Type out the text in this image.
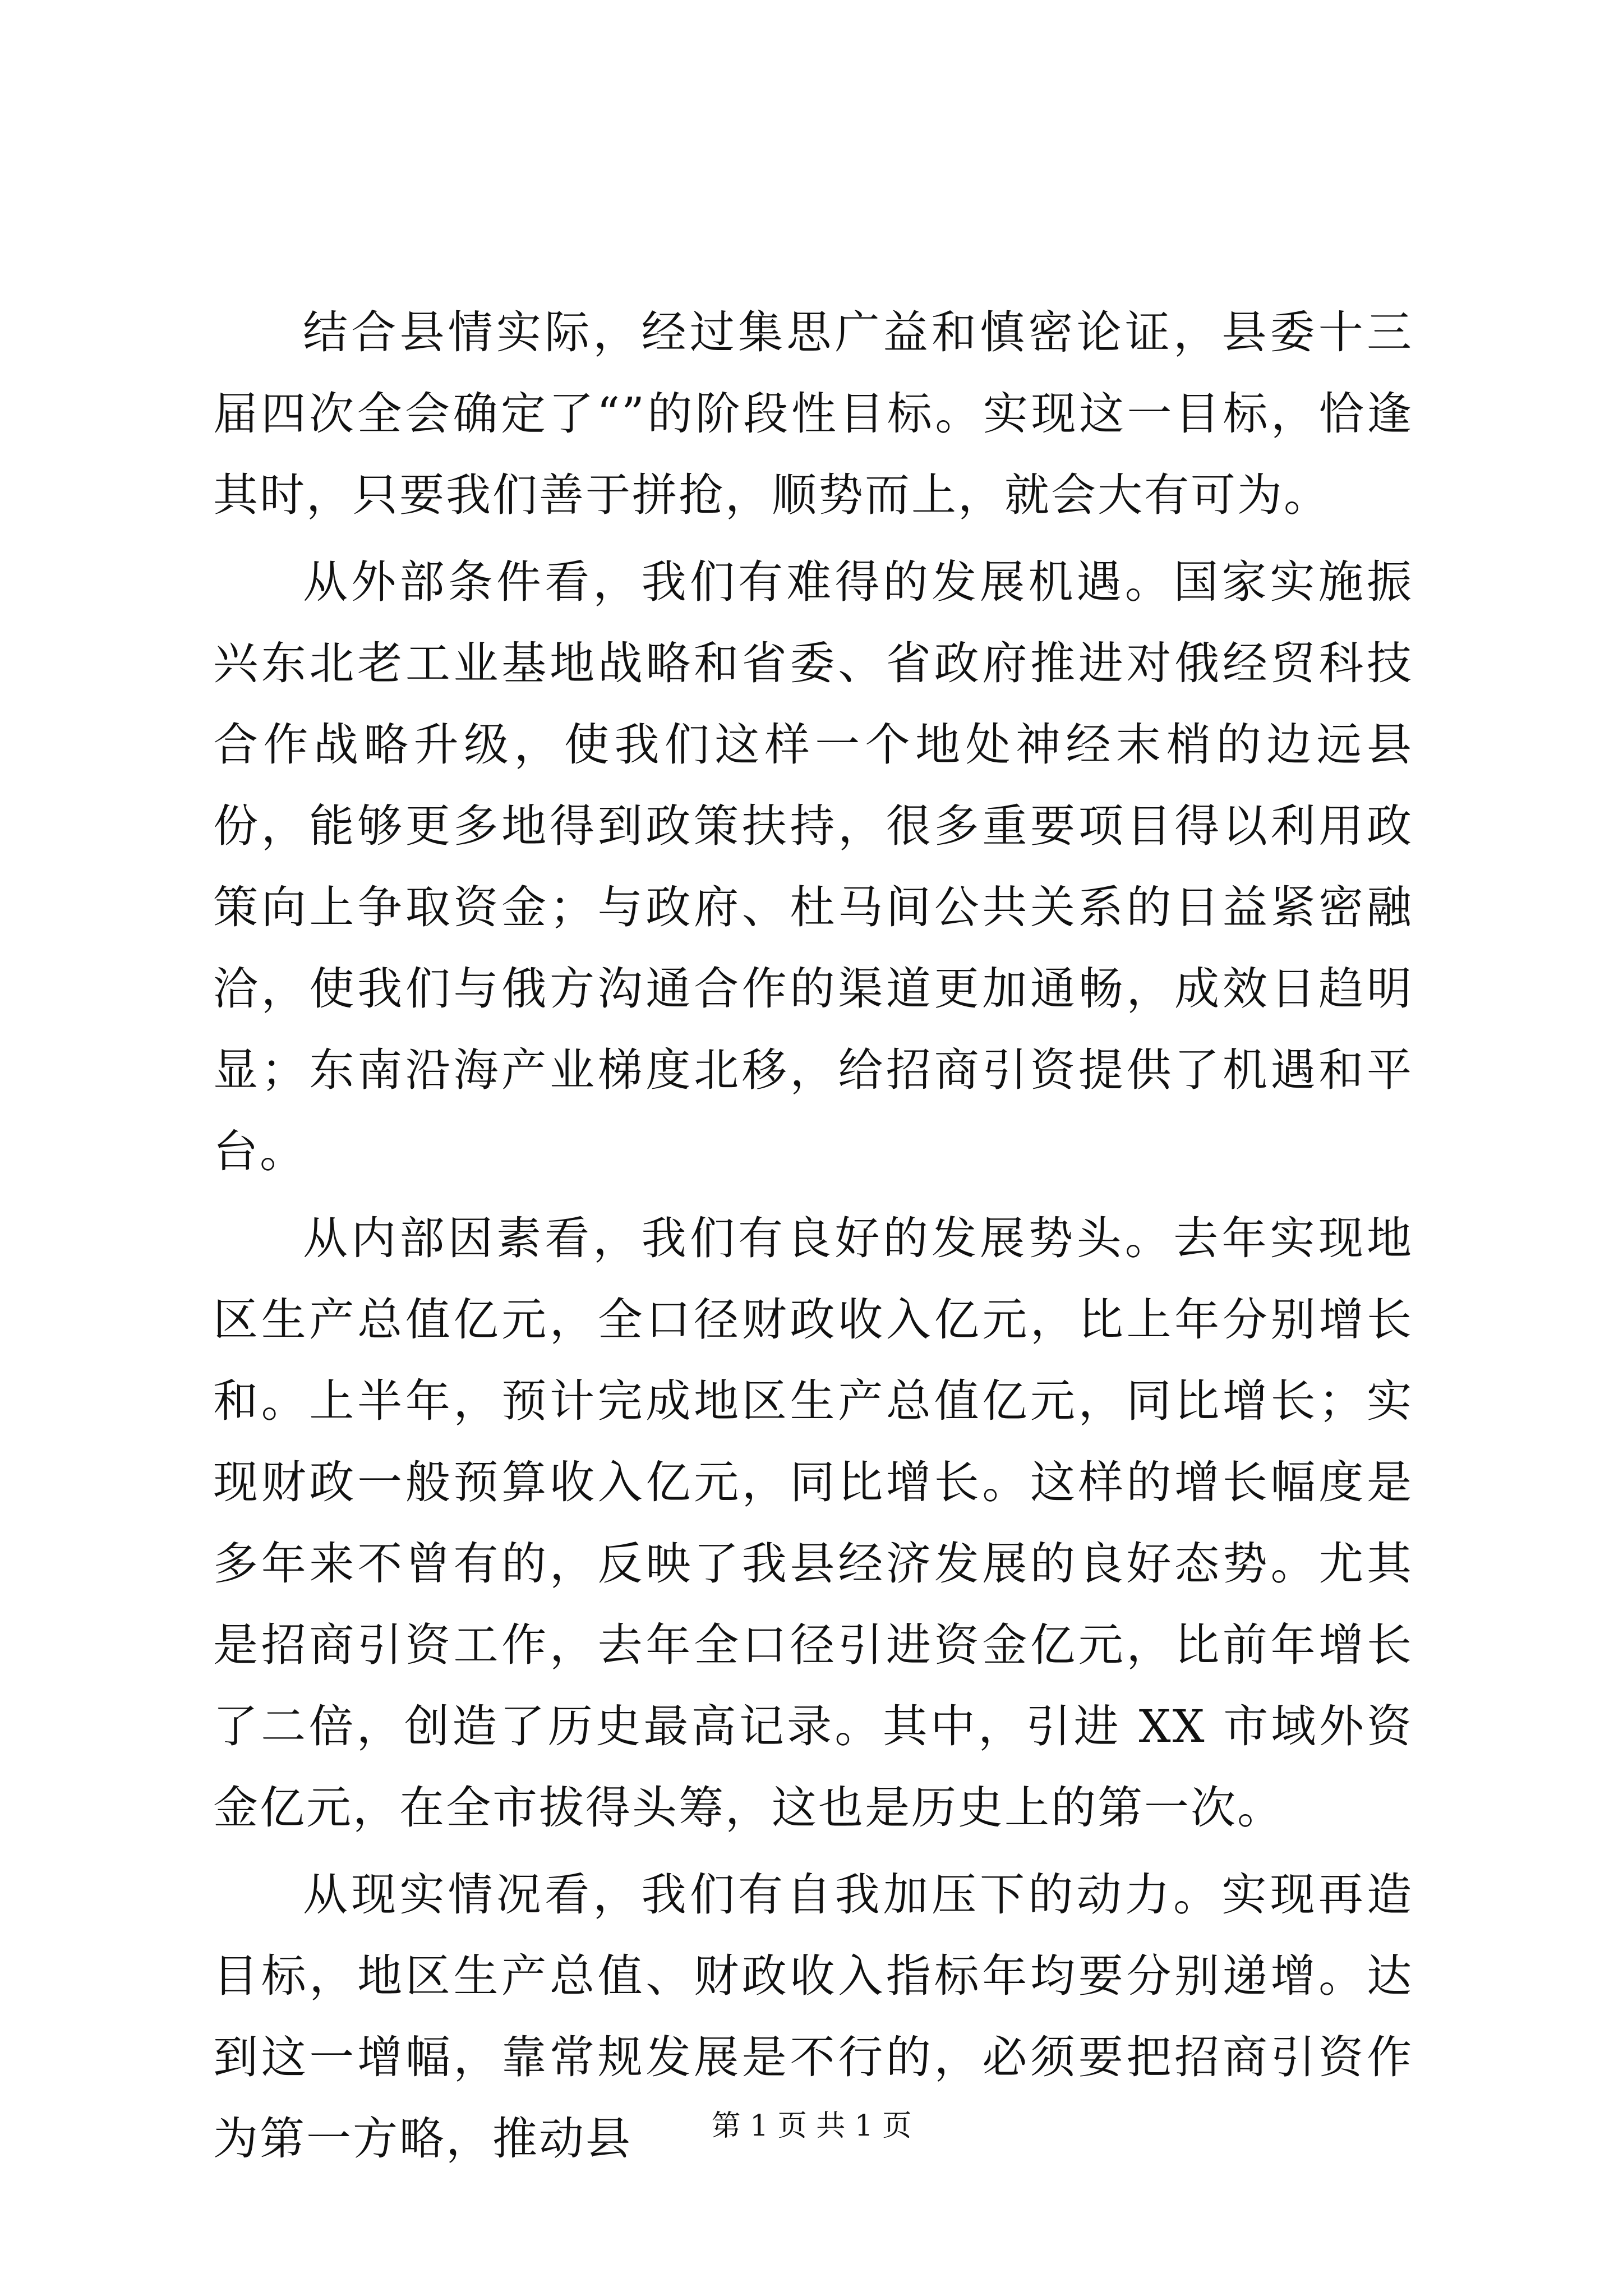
结合县情实际，经过集思广益和慎密论证，县委十三届四次全会确定了“”的阶段性目标。实现这一目标，恰逢其时，只要我们善于拼抢，顺势而上，就会大有可为。

从外部条件看，我们有难得的发展机遇。国家实施振兴东北老工业基地战略和省委、省政府推进对俄经贸科技合作战略升级，使我们这样一个地处神经末梢的边远县份，能够更多地得到政策扶持，很多重要项目得以利用政策向上争取资金；与政府、杜马间公共关系的日益紧密融洽，使我们与俄方沟通合作的渠道更加通畅，成效日趋明显；东南沿海产业梯度北移，给招商引资提供了机遇和平台。

从内部因素看，我们有良好的发展势头。去年实现地区生产总值亿元，全口径财政收入亿元，比上年分别增长和。上半年，预计完成地区生产总值亿元，同比增长；实现财政一般预算收入亿元，同比增长。这样的增长幅度是多年来不曾有的，反映了我县经济发展的良好态势。尤其是招商引资工作，去年全口径引进资金亿元，比前年增长了二倍，创造了历史最高记录。其中，引进 XX 市域外资金亿元，在全市拔得头筹，这也是历史上的第一次。

从现实情况看，我们有自我加压下的动力。实现再造目标，地区生产总值、财政收入指标年均要分别递增。达到这一增幅，靠常规发展是不行的，必须要把招商引资作为第一方略，推动县	第 1 页 共 1 页
